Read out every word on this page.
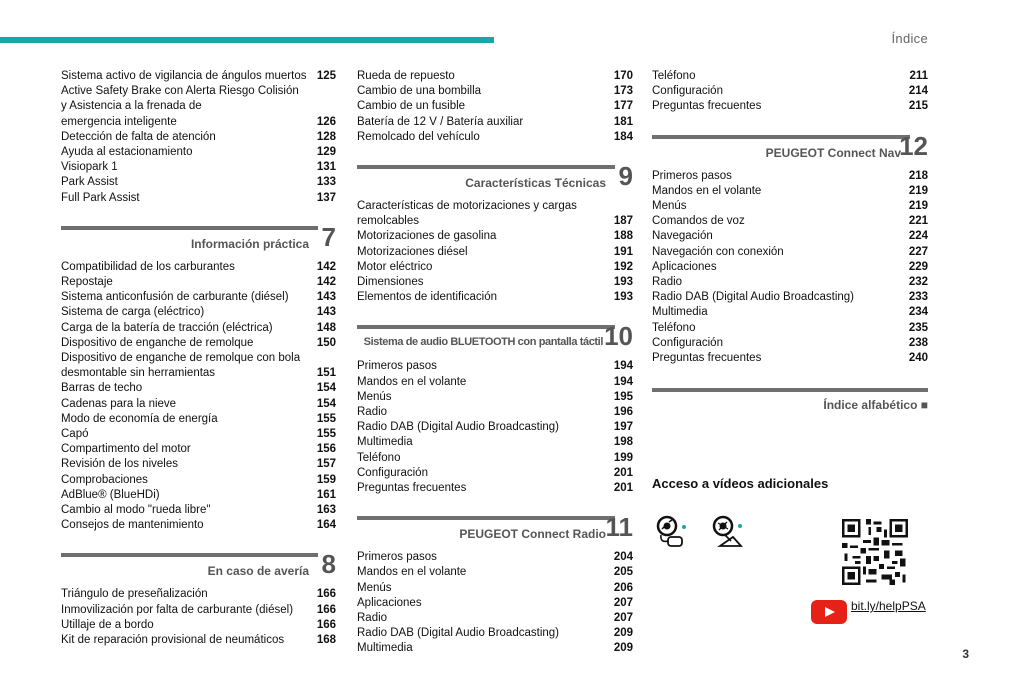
Índice
Sistema activo de vigilancia de ángulos muertos 125
Active Safety Brake con Alerta Riesgo Colisión
y Asistencia a la frenada de
emergencia inteligente	126
Detección de falta de atención	128
Ayuda al estacionamiento	129
Visiopark 1	131
Park Assist	133
Full Park Assist	137
Información práctica 7
Compatibilidad de los carburantes	142
Repostaje	142
Sistema anticonfusión de carburante (diésel)	143
Sistema de carga (eléctrico)	143
Carga de la batería de tracción (eléctrica)	148
Dispositivo de enganche de remolque	150
Dispositivo de enganche de remolque con bola
desmontable sin herramientas	151
Barras de techo	154
Cadenas para la nieve	154
Modo de economía de energía	155
Capó	155
Compartimento del motor	156
Revisión de los niveles	157
Comprobaciones	159
AdBlue® (BlueHDi)	161
Cambio al modo "rueda libre"	163
Consejos de mantenimiento	164
En caso de avería 8
Triángulo de preseñalización	166
Inmovilización por falta de carburante (diésel)	166
Utillaje de a bordo	166
Kit de reparación provisional de neumáticos	168
Rueda de repuesto	170
Cambio de una bombilla	173
Cambio de un fusible	177
Batería de 12 V / Batería auxiliar	181
Remolcado del vehículo	184
Características Técnicas 9
Características de motorizaciones y cargas
remolcables	187
Motorizaciones de gasolina	188
Motorizaciones diésel	191
Motor eléctrico	192
Dimensiones	193
Elementos de identificación	193
Sistema de audio BLUETOOTH con pantalla táctil 10
Primeros pasos	194
Mandos en el volante	194
Menús	195
Radio	196
Radio DAB (Digital Audio Broadcasting)	197
Multimedia	198
Teléfono	199
Configuración	201
Preguntas frecuentes	201
PEUGEOT Connect Radio 11
Primeros pasos	204
Mandos en el volante	205
Menús	206
Aplicaciones	207
Radio	207
Radio DAB (Digital Audio Broadcasting)	209
Multimedia	209
Teléfono	211
Configuración	214
Preguntas frecuentes	215
PEUGEOT Connect Nav
12
Primeros pasos	218
Mandos en el volante	219
Menús	219
Comandos de voz	221
Navegación	224
Navegación con conexión	227
Aplicaciones	229
Radio	232
Radio DAB (Digital Audio Broadcasting)	233
Multimedia	234
Teléfono	235
Configuración	238
Preguntas frecuentes	240
Índice alfabético ■
Acceso a vídeos adicionales
bit.ly/helpPSA
3
